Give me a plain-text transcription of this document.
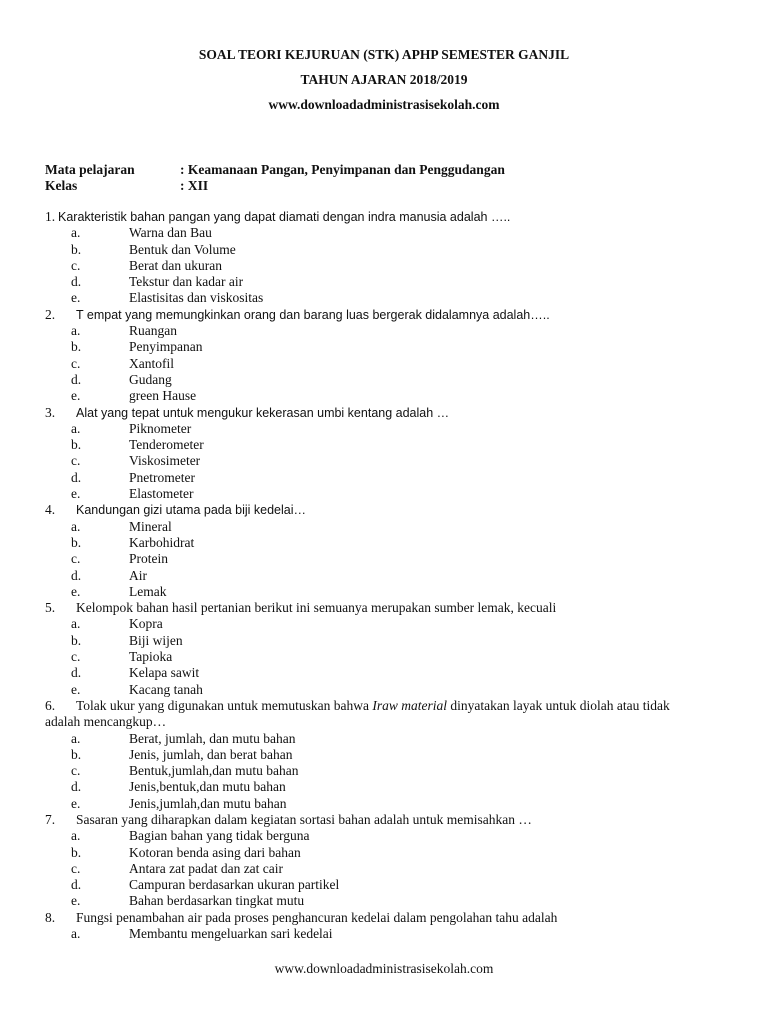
SOAL TEORI KEJURUAN (STK) APHP SEMESTER GANJIL
TAHUN AJARAN 2018/2019
www.downloadadministrasisekolah.com
Mata pelajaran	: Keamanaan Pangan, Penyimpanan dan Penggudangan
Kelas	: XII
1. Karakteristik bahan pangan yang dapat diamati dengan indra manusia adalah …..
a.	Warna dan Bau
b.	Bentuk dan Volume
c.	Berat dan ukuran
d.	Tekstur dan kadar air
e.	Elastisitas dan viskositas
2.	T empat yang memungkinkan orang dan barang luas bergerak didalamnya adalah…..
a.	Ruangan
b.	Penyimpanan
c.	Xantofil
d.	Gudang
e.	green Hause
3.	Alat yang tepat untuk mengukur kekerasan umbi kentang adalah …
a.	Piknometer
b.	Tenderometer
c.	Viskosimeter
d.	Pnetrometer
e.	Elastometer
4.	Kandungan gizi utama pada biji kedelai…
a.	Mineral
b.	Karbohidrat
c.	Protein
d.	Air
e.	Lemak
5.	Kelompok bahan hasil pertanian berikut ini semuanya merupakan sumber lemak, kecuali
a.	Kopra
b.	Biji wijen
c.	Tapioka
d.	Kelapa sawit
e.	Kacang tanah
6.	Tolak ukur yang digunakan untuk memutuskan bahwa Iraw material dinyatakan layak untuk diolah atau tidak
adalah mencangkup…
a.	Berat, jumlah, dan mutu bahan
b.	Jenis, jumlah, dan berat bahan
c.	Bentuk,jumlah,dan mutu bahan
d.	Jenis,bentuk,dan mutu bahan
e.	Jenis,jumlah,dan mutu bahan
7.	Sasaran yang diharapkan dalam kegiatan sortasi bahan adalah untuk memisahkan …
a.	Bagian bahan yang tidak berguna
b.	Kotoran benda asing dari bahan
c.	Antara zat padat dan zat cair
d.	Campuran berdasarkan ukuran partikel
e.	Bahan berdasarkan tingkat mutu
8.	Fungsi penambahan air pada proses penghancuran kedelai dalam pengolahan tahu adalah
a.	Membantu mengeluarkan sari kedelai
www.downloadadministrasisekolah.com
